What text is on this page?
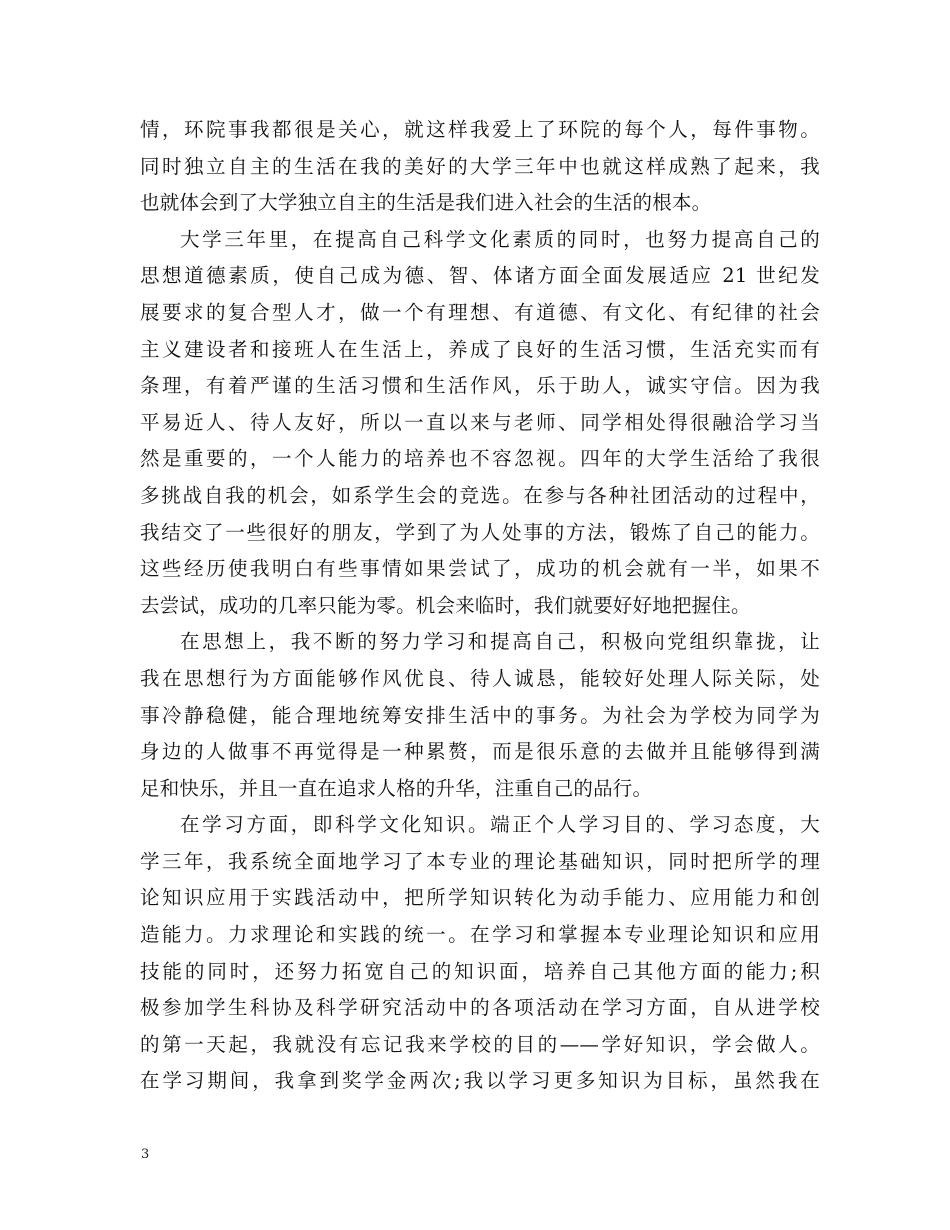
情，环院事我都很是关心，就这样我爱上了环院的每个人，每件事物。
同时独立自主的生活在我的美好的大学三年中也就这样成熟了起来，我
也就体会到了大学独立自主的生活是我们进入社会的生活的根本。
大学三年里，在提高自己科学文化素质的同时，也努力提高自己的
思想道德素质，使自己成为德、智、体诸方面全面发展适应 21 世纪发
展要求的复合型人才，做一个有理想、有道德、有文化、有纪律的社会
主义建设者和接班人在生活上，养成了良好的生活习惯，生活充实而有
条理，有着严谨的生活习惯和生活作风，乐于助人，诚实守信。因为我
平易近人、待人友好，所以一直以来与老师、同学相处得很融洽学习当
然是重要的，一个人能力的培养也不容忽视。四年的大学生活给了我很
多挑战自我的机会，如系学生会的竞选。在参与各种社团活动的过程中，
我结交了一些很好的朋友，学到了为人处事的方法，锻炼了自己的能力。
这些经历使我明白有些事情如果尝试了，成功的机会就有一半，如果不
去尝试，成功的几率只能为零。机会来临时，我们就要好好地把握住。
在思想上，我不断的努力学习和提高自己，积极向党组织靠拢，让
我在思想行为方面能够作风优良、待人诚恳，能较好处理人际关际，处
事冷静稳健，能合理地统筹安排生活中的事务。为社会为学校为同学为
身边的人做事不再觉得是一种累赘，而是很乐意的去做并且能够得到满
足和快乐，并且一直在追求人格的升华，注重自己的品行。
在学习方面，即科学文化知识。端正个人学习目的、学习态度，大
学三年，我系统全面地学习了本专业的理论基础知识，同时把所学的理
论知识应用于实践活动中，把所学知识转化为动手能力、应用能力和创
造能力。力求理论和实践的统一。在学习和掌握本专业理论知识和应用
技能的同时，还努力拓宽自己的知识面，培养自己其他方面的能力;积
极参加学生科协及科学研究活动中的各项活动在学习方面，自从进学校
的第一天起，我就没有忘记我来学校的目的——学好知识，学会做人。
在学习期间，我拿到奖学金两次;我以学习更多知识为目标，虽然我在
3
